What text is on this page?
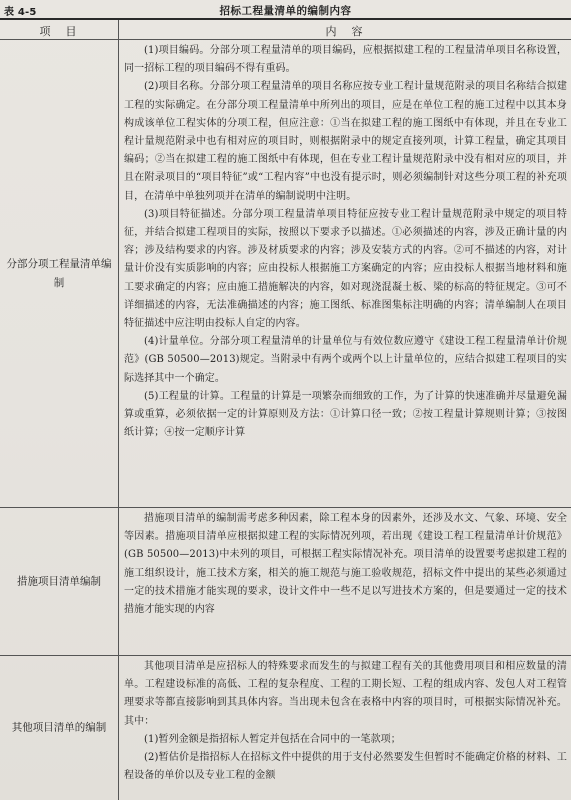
表 4-5	招标工程量清单的编制内容
项　目	内　容
分部分项工程量清单编制

(1)项目编码。分部分项工程量清单的项目编码，应根据拟建工程的工程量清单项目名称设置，同一招标工程的项目编码不得有重码。

(2)项目名称。分部分项工程量清单的项目名称应按专业工程计量规范附录的项目名称结合拟建工程的实际确定。在分部分项工程量清单中所列出的项目，应是在单位工程的施工过程中以其本身构成该单位工程实体的分项工程，但应注意：①当在拟建工程的施工图纸中有体现，并且在专业工程计量规范附录中也有相对应的项目时，则根据附录中的规定直接列项，计算工程量，确定其项目编码；②当在拟建工程的施工图纸中有体现，但在专业工程计量规范附录中没有相对应的项目，并且在附录项目的“项目特征”或“工程内容”中也没有提示时，则必须编制针对这些分项工程的补充项目，在清单中单独列项并在清单的编制说明中注明。

(3)项目特征描述。分部分项工程量清单项目特征应按专业工程计量规范附录中规定的项目特征，并结合拟建工程项目的实际，按照以下要求予以描述。①必须描述的内容，涉及正确计量的内容；涉及结构要求的内容。涉及材质要求的内容；涉及安装方式的内容。②可不描述的内容，对计量计价没有实质影响的内容；应由投标人根据施工方案确定的内容；应由投标人根据当地材料和施工要求确定的内容；应由施工措施解决的内容，如对现浇混凝土板、梁的标高的特征规定。③可不详细描述的内容，无法准确描述的内容；施工图纸、标准图集标注明确的内容；清单编制人在项目特征描述中应注明由投标人自定的内容。

(4)计量单位。分部分项工程量清单的计量单位与有效位数应遵守《建设工程工程量清单计价规范》(GB 50500—2013)规定。当附录中有两个或两个以上计量单位的，应结合拟建工程项目的实际选择其中一个确定。

(5)工程量的计算。工程量的计算是一项繁杂而细致的工作，为了计算的快速准确并尽量避免漏算或重算，必须依据一定的计算原则及方法：①计算口径一致；②按工程量计算规则计算；③按图纸计算；④按一定顺序计算

措施项目清单编制

措施项目清单的编制需考虑多种因素，除工程本身的因素外，还涉及水文、气象、环境、安全等因素。措施项目清单应根据拟建工程的实际情况列项，若出现《建设工程工程量清单计价规范》(GB 50500—2013)中未列的项目，可根据工程实际情况补充。项目清单的设置要考虑拟建工程的施工组织设计，施工技术方案，相关的施工规范与施工验收规范，招标文件中提出的某些必须通过一定的技术措施才能实现的要求，设计文件中一些不足以写进技术方案的，但是要通过一定的技术措施才能实现的内容

其他项目清单的编制

其他项目清单是应招标人的特殊要求而发生的与拟建工程有关的其他费用项目和相应数量的清单。工程建设标准的高低、工程的复杂程度、工程的工期长短、工程的组成内容、发包人对工程管理要求等都直接影响到其具体内容。当出现未包含在表格中内容的项目时，可根据实际情况补充。其中：

(1)暂列金额是指招标人暂定并包括在合同中的一笔款项；

(2)暂估价是指招标人在招标文件中提供的用于支付必然要发生但暂时不能确定价格的材料、工程设备的单价以及专业工程的金额
